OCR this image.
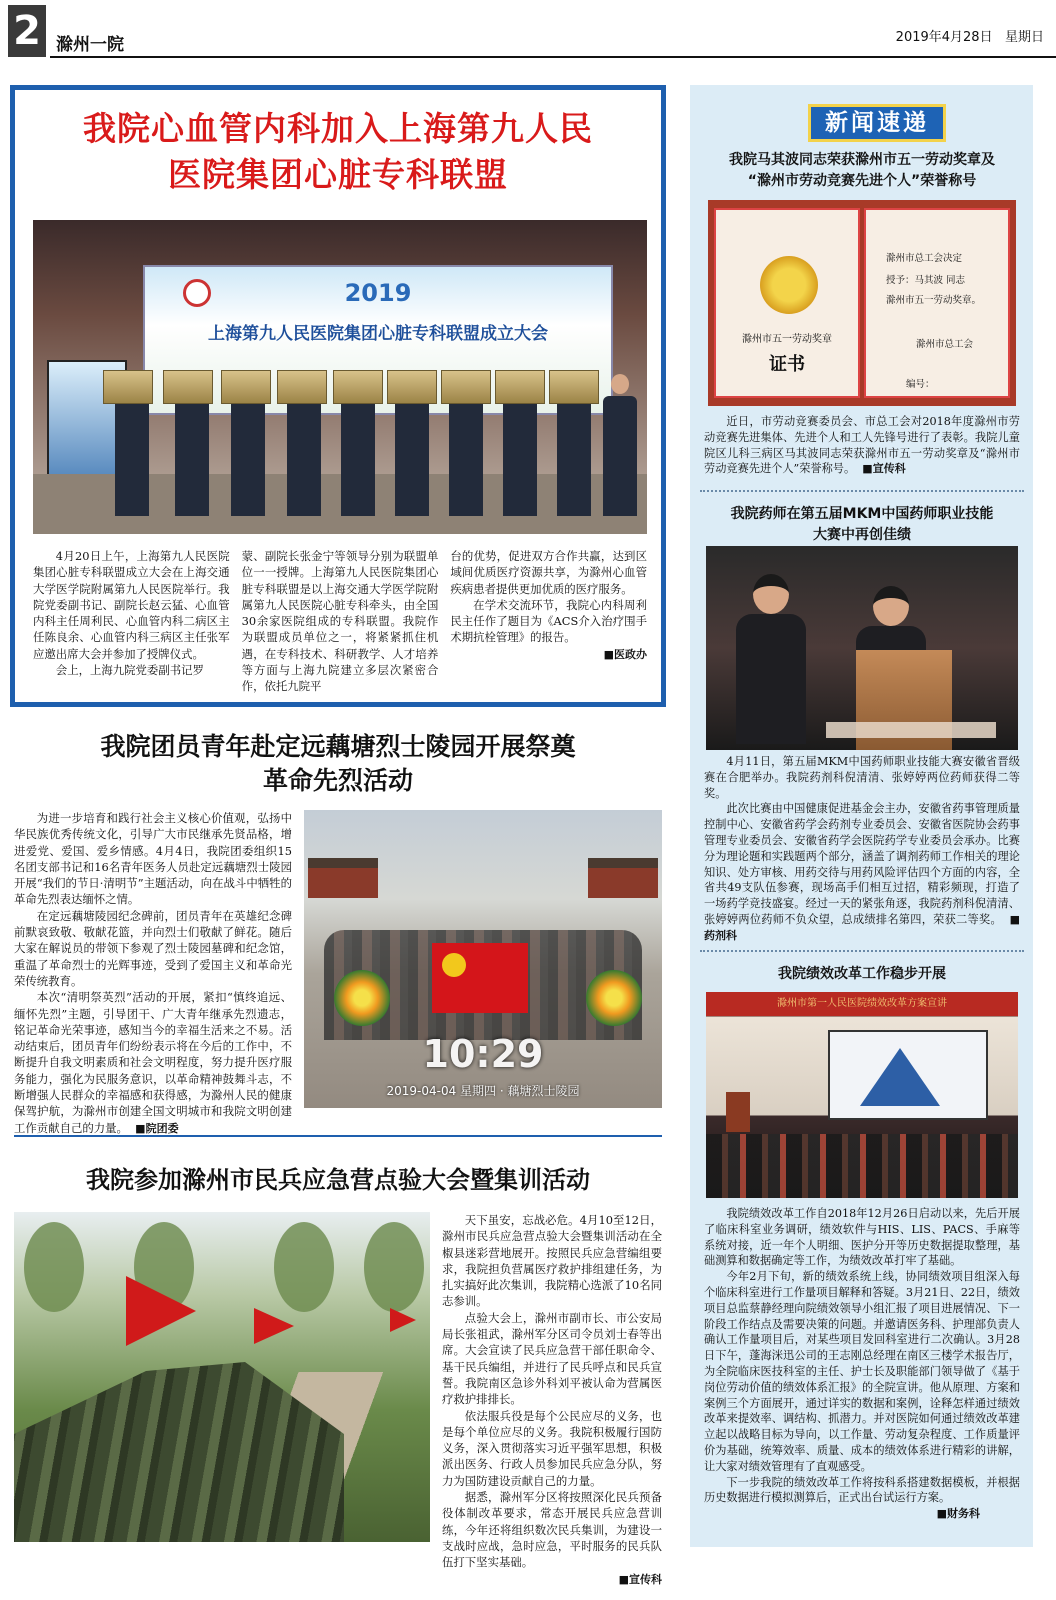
2 滁州一院	2019年4月28日 星期日
我院心血管内科加入上海第九人民
医院集团心脏专科联盟
2019
上海第九人民医院集团心脏专科联盟成立大会

4月20日上午，上海第九人民医院集团心脏专科联盟成立大会在上海交通大学医学院附属第九人民医院举行。我院党委副书记、副院长赵云猛、心血管内科主任周利民、心血管内科二病区主任陈良余、心血管内科三病区主任张军应邀出席大会并参加了授牌仪式。

会上，上海九院党委副书记罗

蒙、副院长张金宁等领导分别为联盟单位一一授牌。上海第九人民医院集团心脏专科联盟是以上海交通大学医学院附属第九人民医院心脏专科牵头，由全国30余家医院组成的专科联盟。我院作为联盟成员单位之一，将紧紧抓住机遇，在专科技术、科研教学、人才培养等方面与上海九院建立多层次紧密合作，依托九院平
台的优势，促进双方合作共赢，达到区域间优质医疗资源共享，为滁州心血管疾病患者提供更加优质的医疗服务。

在学术交流环节，我院心内科周利民主任作了题目为《ACS介入治疗围手术期抗栓管理》的报告。

■医政办
我院团员青年赴定远藕塘烈士陵园开展祭奠
革命先烈活动

为进一步培育和践行社会主义核心价值观，弘扬中华民族优秀传统文化，引导广大市民继承先贤品格，增进爱党、爱国、爱乡情感。4月4日，我院团委组织15名团支部书记和16名青年医务人员赴定远藕塘烈士陵园开展“我们的节日·清明节”主题活动，向在战斗中牺牲的革命先烈表达缅怀之情。

在定远藕塘陵园纪念碑前，团员青年在英雄纪念碑前默哀致敬、敬献花篮，并向烈士们敬献了鲜花。随后大家在解说员的带领下参观了烈士陵园墓碑和纪念馆，重温了革命烈士的光辉事迹，受到了爱国主义和革命光荣传统教育。

本次“清明祭英烈”活动的开展，紧扣“慎终追远、缅怀先烈”主题，引导团干、广大青年继承先烈遗志，铭记革命光荣事迹，感知当今的幸福生活来之不易。活动结束后，团员青年们纷纷表示将在今后的工作中，不断提升自我文明素质和社会文明程度，努力提升医疗服务能力，强化为民服务意识，以革命精神鼓舞斗志，不断增强人民群众的幸福感和获得感，为滁州人民的健康保驾护航，为滁州市创建全国文明城市和我院文明创建工作贡献自己的力量。 ■院团委

10:29
2019-04-04 星期四 · 藕塘烈士陵园
我院参加滁州市民兵应急营点验大会暨集训活动

天下虽安，忘战必危。4月10至12日，滁州市民兵应急营点验大会暨集训活动在全椒县迷彩营地展开。按照民兵应急营编组要求，我院担负营属医疗救护排组建任务，为扎实搞好此次集训，我院精心选派了10名同志参训。

点验大会上，滁州市副市长、市公安局局长张祖武，滁州军分区司令员刘士春等出席。大会宣读了民兵应急营干部任职命令、基干民兵编组，并进行了民兵呼点和民兵宣誓。我院南区急诊外科刘平被认命为营属医疗救护排排长。

依法服兵役是每个公民应尽的义务，也是每个单位应尽的义务。我院积极履行国防义务，深入贯彻落实习近平强军思想，积极派出医务、行政人员参加民兵应急分队，努力为国防建设贡献自己的力量。

据悉，滁州军分区将按照深化民兵预备役体制改革要求，常态开展民兵应急营训练，今年还将组织数次民兵集训，为建设一支战时应战，急时应急，平时服务的民兵队伍打下坚实基础。

■宣传科
新闻速递
我院马其波同志荣获滁州市五一劳动奖章及
“滁州市劳动竞赛先进个人”荣誉称号
滁州市五一劳动奖章
证书
滁州市总工会决定
授予：马其波 同志
滁州市五一劳动奖章。
滁州市总工会
编号：

近日，市劳动竞赛委员会、市总工会对2018年度滁州市劳动竞赛先进集体、先进个人和工人先锋号进行了表彰。我院儿童院区儿科三病区马其波同志荣获滁州市五一劳动奖章及“滁州市劳动竞赛先进个人”荣誉称号。 ■宣传科

我院药师在第五届MKM中国药师职业技能
大赛中再创佳绩

4月11日，第五届MKM中国药师职业技能大赛安徽省晋级赛在合肥举办。我院药剂科倪清清、张婷婷两位药师获得二等奖。

此次比赛由中国健康促进基金会主办，安徽省药事管理质量控制中心、安徽省药学会药剂专业委员会、安徽省医院协会药事管理专业委员会、安徽省药学会医院药学专业委员会承办。比赛分为理论题和实践题两个部分，涵盖了调剂药师工作相关的理论知识、处方审核、用药交待与用药风险评估四个方面的内容，全省共49支队伍参赛，现场高手们相互过招，精彩频现，打造了一场药学竞技盛宴。经过一天的紧张角逐，我院药剂科倪清清、张婷婷两位药师不负众望，总成绩排名第四，荣获二等奖。 ■药剂科

我院绩效改革工作稳步开展
滁州市第一人民医院绩效改革方案宣讲

我院绩效改革工作自2018年12月26日启动以来，先后开展了临床科室业务调研，绩效软件与HIS、LIS、PACS、手麻等系统对接，近一年个人明细、医护分开等历史数据提取整理，基础测算和数据确定等工作，为绩效改革打牢了基础。

今年2月下旬，新的绩效系统上线，协同绩效项目组深入每个临床科室进行工作量项目解释和答疑。3月21日、22日，绩效项目总监蔡静经理向院绩效领导小组汇报了项目进展情况、下一阶段工作结点及需要决策的问题。并邀请医务科、护理部负责人确认工作量项目后，对某些项目发回科室进行二次确认。3月28日下午，蓬海洣迅公司的王志刚总经理在南区三楼学术报告厅，为全院临床医技科室的主任、护士长及职能部门领导做了《基于岗位劳动价值的绩效体系汇报》的全院宣讲。他从原理、方案和案例三个方面展开，通过详实的数据和案例，诠释怎样通过绩效改革来提效率、调结构、抓潜力。并对医院如何通过绩效改革建立起以战略目标为导向，以工作量、劳动复杂程度、工作质量评价为基础，统筹效率、质量、成本的绩效体系进行精彩的讲解，让大家对绩效管理有了直观感受。

下一步我院的绩效改革工作将按科系搭建数据模板，并根据历史数据进行模拟测算后，正式出台试运行方案。

■财务科
